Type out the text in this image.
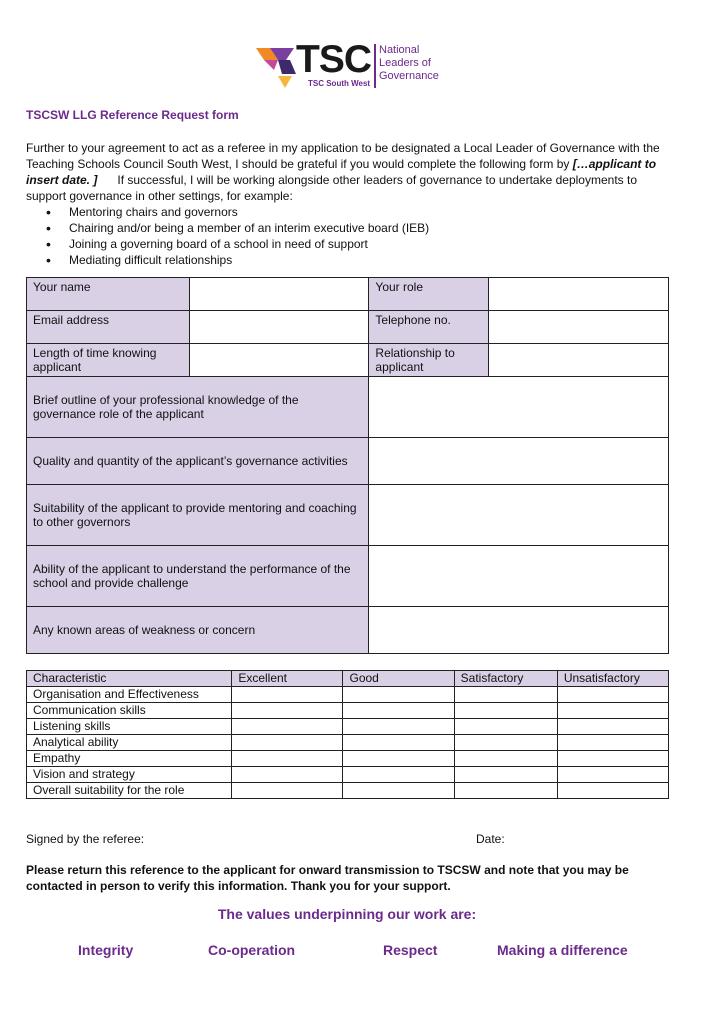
TSC
TSC South West
National
Leaders of
Governance
TSCSW LLG Reference Request form

Further to your agreement to act as a referee in my application to be designated a Local Leader of Governance with the Teaching Schools Council South West, I should be grateful if you would complete the following form by […applicant to insert date. ]      If successful, I will be working alongside other leaders of governance to undertake deployments to support governance in other settings, for example:

• Mentoring chairs and governors
• Chairing and/or being a member of an interim executive board (IEB)
• Joining a governing board of a school in need of support
• Mediating difficult relationships
Your name		Your role	
Email address		Telephone no.	
Length of time knowing applicant		Relationship to applicant	
Brief outline of your professional knowledge of the governance role of the applicant			
Quality and quantity of the applicant’s governance activities			
Suitability of the applicant to provide mentoring and coaching to other governors			
Ability of the applicant to understand the performance of the school and provide challenge			
Any known areas of weakness or concern			
Characteristic	Excellent	Good	Satisfactory	Unsatisfactory
Organisation and Effectiveness				
Communication skills				
Listening skills				
Analytical ability				
Empathy				
Vision and strategy				
Overall suitability for the role				
Signed by the referee:	Date:
Please return this reference to the applicant for onward transmission to TSCSW and note that you may be contacted in person to verify this information. Thank you for your support.
The values underpinning our work are:
Integrity	Co-operation	Respect	Making a difference
